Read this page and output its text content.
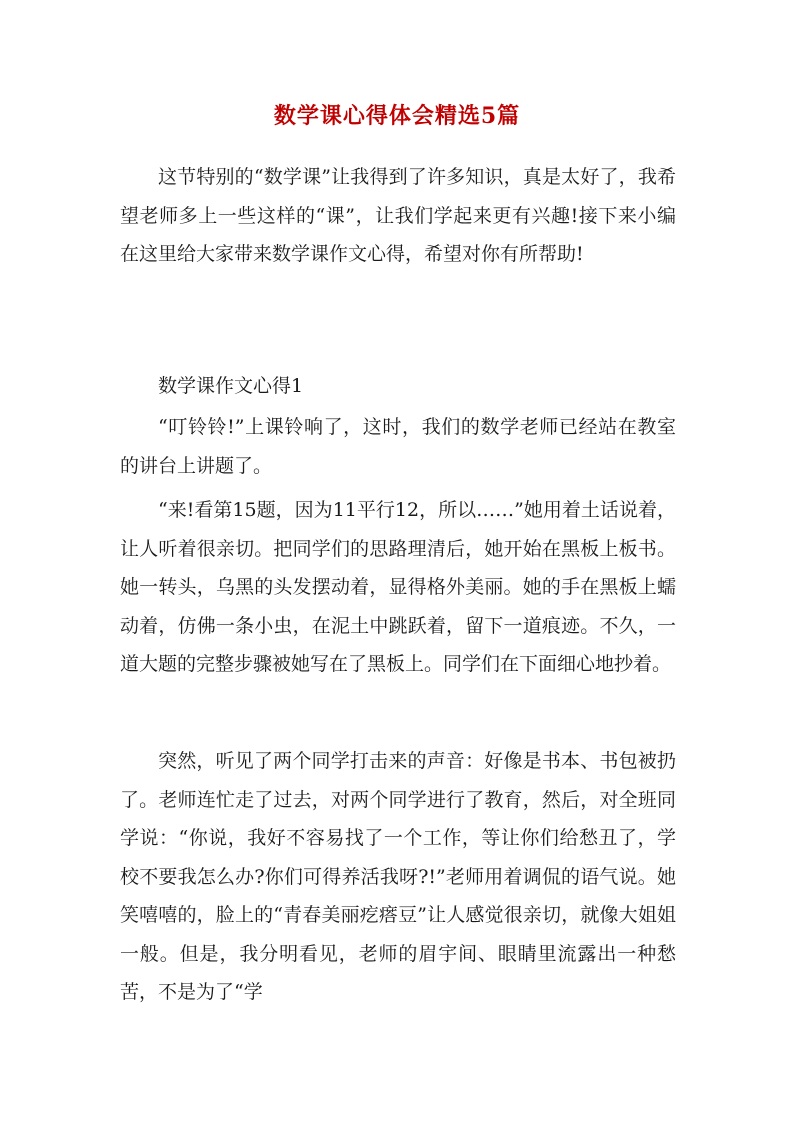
数学课心得体会精选5篇

这节特别的“数学课”让我得到了许多知识，真是太好了，我希望老师多上一些这样的“课”，让我们学起来更有兴趣!接下来小编在这里给大家带来数学课作文心得，希望对你有所帮助!

数学课作文心得1

“叮铃铃!”上课铃响了，这时，我们的数学老师已经站在教室的讲台上讲题了。

“来!看第15题，因为11平行12，所以……”她用着土话说着，让人听着很亲切。把同学们的思路理清后，她开始在黑板上板书。她一转头，乌黑的头发摆动着，显得格外美丽。她的手在黑板上蠕动着，仿佛一条小虫，在泥土中跳跃着，留下一道痕迹。不久，一道大题的完整步骤被她写在了黑板上。同学们在下面细心地抄着。

突然，听见了两个同学打击来的声音：好像是书本、书包被扔了。老师连忙走了过去，对两个同学进行了教育，然后，对全班同学说：“你说，我好不容易找了一个工作，等让你们给愁丑了，学校不要我怎么办?你们可得养活我呀?!”老师用着调侃的语气说。她笑嘻嘻的，脸上的“青春美丽疙瘩豆”让人感觉很亲切，就像大姐姐一般。但是，我分明看见，老师的眉宇间、眼睛里流露出一种愁苦，不是为了“学
